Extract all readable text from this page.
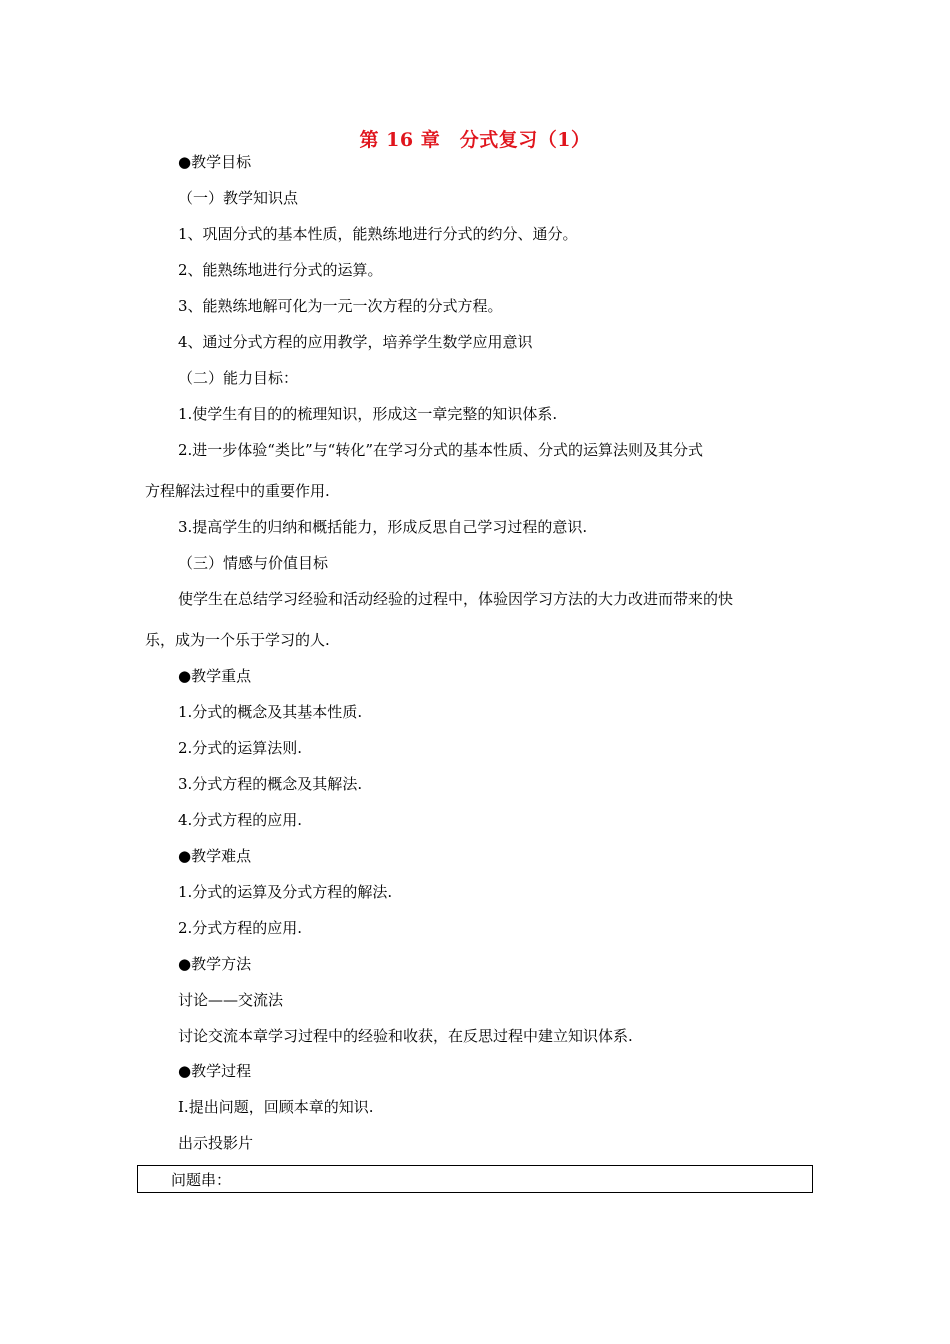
第 16 章　分式复习（1）
●教学目标
（一）教学知识点
1、巩固分式的基本性质，能熟练地进行分式的约分、通分。
2、能熟练地进行分式的运算。
3、能熟练地解可化为一元一次方程的分式方程。
4、通过分式方程的应用教学，培养学生数学应用意识
（二）能力目标：
1.使学生有目的的梳理知识，形成这一章完整的知识体系.
2.进一步体验“类比”与“转化”在学习分式的基本性质、分式的运算法则及其分式
方程解法过程中的重要作用.
3.提高学生的归纳和概括能力，形成反思自己学习过程的意识.
（三）情感与价值目标
使学生在总结学习经验和活动经验的过程中，体验因学习方法的大力改进而带来的快
乐，成为一个乐于学习的人.
●教学重点
1.分式的概念及其基本性质.
2.分式的运算法则.
3.分式方程的概念及其解法.
4.分式方程的应用.
●教学难点
1.分式的运算及分式方程的解法.
2.分式方程的应用.
●教学方法
讨论——交流法
讨论交流本章学习过程中的经验和收获，在反思过程中建立知识体系.
●教学过程
Ⅰ.提出问题，回顾本章的知识.
出示投影片
问题串：
